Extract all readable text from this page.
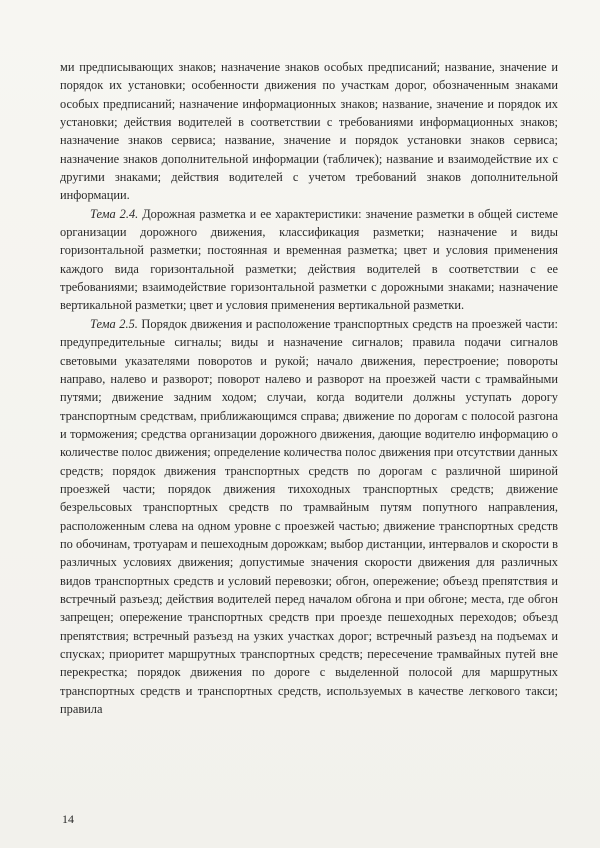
ми предписывающих знаков; назначение знаков особых предписаний; название, значение и порядок их установки; особенности движения по участкам дорог, обозначенным знаками особых предписаний; назначение информационных знаков; название, значение и порядок их установки; действия водителей в соответствии с требованиями информационных знаков; назначение знаков сервиса; название, значение и порядок установки знаков сервиса; назначение знаков дополнительной информации (табличек); название и взаимодействие их с другими знаками; действия водителей с учетом требований знаков дополнительной информации.

Тема 2.4. Дорожная разметка и ее характеристики: значение разметки в общей системе организации дорожного движения, классификация разметки; назначение и виды горизонтальной разметки; постоянная и временная разметка; цвет и условия применения каждого вида горизонтальной разметки; действия водителей в соответствии с ее требованиями; взаимодействие горизонтальной разметки с дорожными знаками; назначение вертикальной разметки; цвет и условия применения вертикальной разметки.

Тема 2.5. Порядок движения и расположение транспортных средств на проезжей части: предупредительные сигналы; виды и назначение сигналов; правила подачи сигналов световыми указателями поворотов и рукой; начало движения, перестроение; повороты направо, налево и разворот; поворот налево и разворот на проезжей части с трамвайными путями; движение задним ходом; случаи, когда водители должны уступать дорогу транспортным средствам, приближающимся справа; движение по дорогам с полосой разгона и торможения; средства организации дорожного движения, дающие водителю информацию о количестве полос движения; определение количества полос движения при отсутствии данных средств; порядок движения транспортных средств по дорогам с различной шириной проезжей части; порядок движения тихоходных транспортных средств; движение безрельсовых транспортных средств по трамвайным путям попутного направления, расположенным слева на одном уровне с проезжей частью; движение транспортных средств по обочинам, тротуарам и пешеходным дорожкам; выбор дистанции, интервалов и скорости в различных условиях движения; допустимые значения скорости движения для различных видов транспортных средств и условий перевозки; обгон, опережение; объезд препятствия и встречный разъезд; действия водителей перед началом обгона и при обгоне; места, где обгон запрещен; опережение транспортных средств при проезде пешеходных переходов; объезд препятствия; встречный разъезд на узких участках дорог; встречный разъезд на подъемах и спусках; приоритет маршрутных транспортных средств; пересечение трамвайных путей вне перекрестка; порядок движения по дороге с выделенной полосой для маршрутных транспортных средств и транспортных средств, используемых в качестве легкового такси; правила

14
